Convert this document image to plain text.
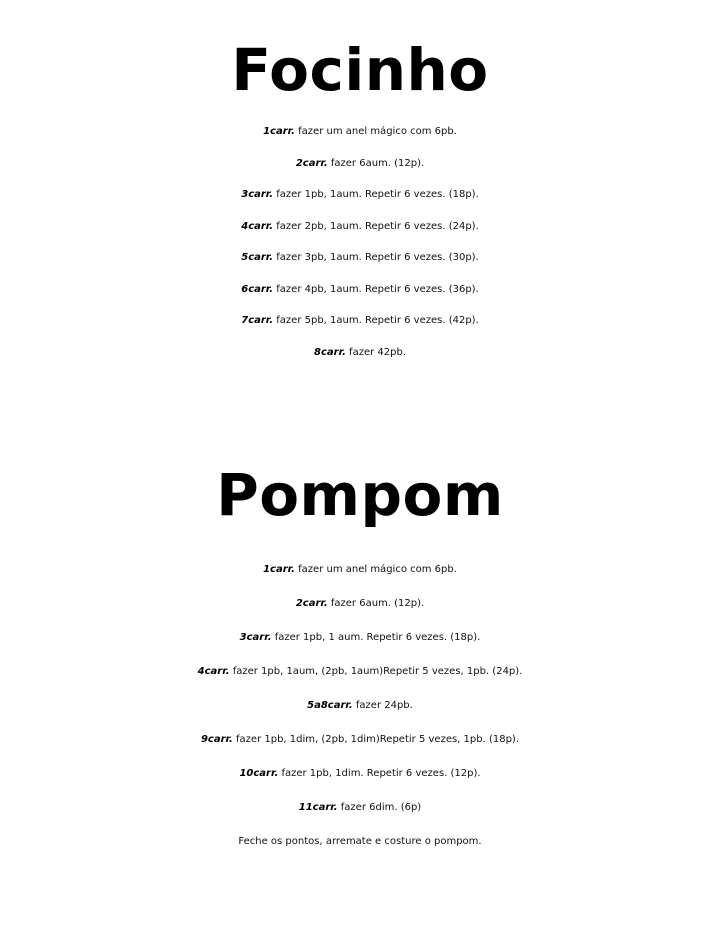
Focinho
1carr. fazer um anel mágico com 6pb.
2carr. fazer 6aum. (12p).
3carr. fazer 1pb, 1aum. Repetir 6 vezes. (18p).
4carr. fazer 2pb, 1aum. Repetir 6 vezes. (24p).
5carr. fazer 3pb, 1aum. Repetir 6 vezes. (30p).
6carr. fazer 4pb, 1aum. Repetir 6 vezes. (36p).
7carr. fazer 5pb, 1aum. Repetir 6 vezes. (42p).
8carr. fazer 42pb.
Pompom
1carr. fazer um anel mágico com 6pb.
2carr. fazer 6aum. (12p).
3carr. fazer 1pb, 1 aum. Repetir 6 vezes. (18p).
4carr. fazer 1pb, 1aum, (2pb, 1aum)Repetir 5 vezes, 1pb. (24p).
5a8carr. fazer 24pb.
9carr. fazer 1pb, 1dim, (2pb, 1dim)Repetir 5 vezes, 1pb. (18p).
10carr. fazer 1pb, 1dim. Repetir 6 vezes. (12p).
11carr. fazer 6dim. (6p)
Feche os pontos, arremate e costure o pompom.
